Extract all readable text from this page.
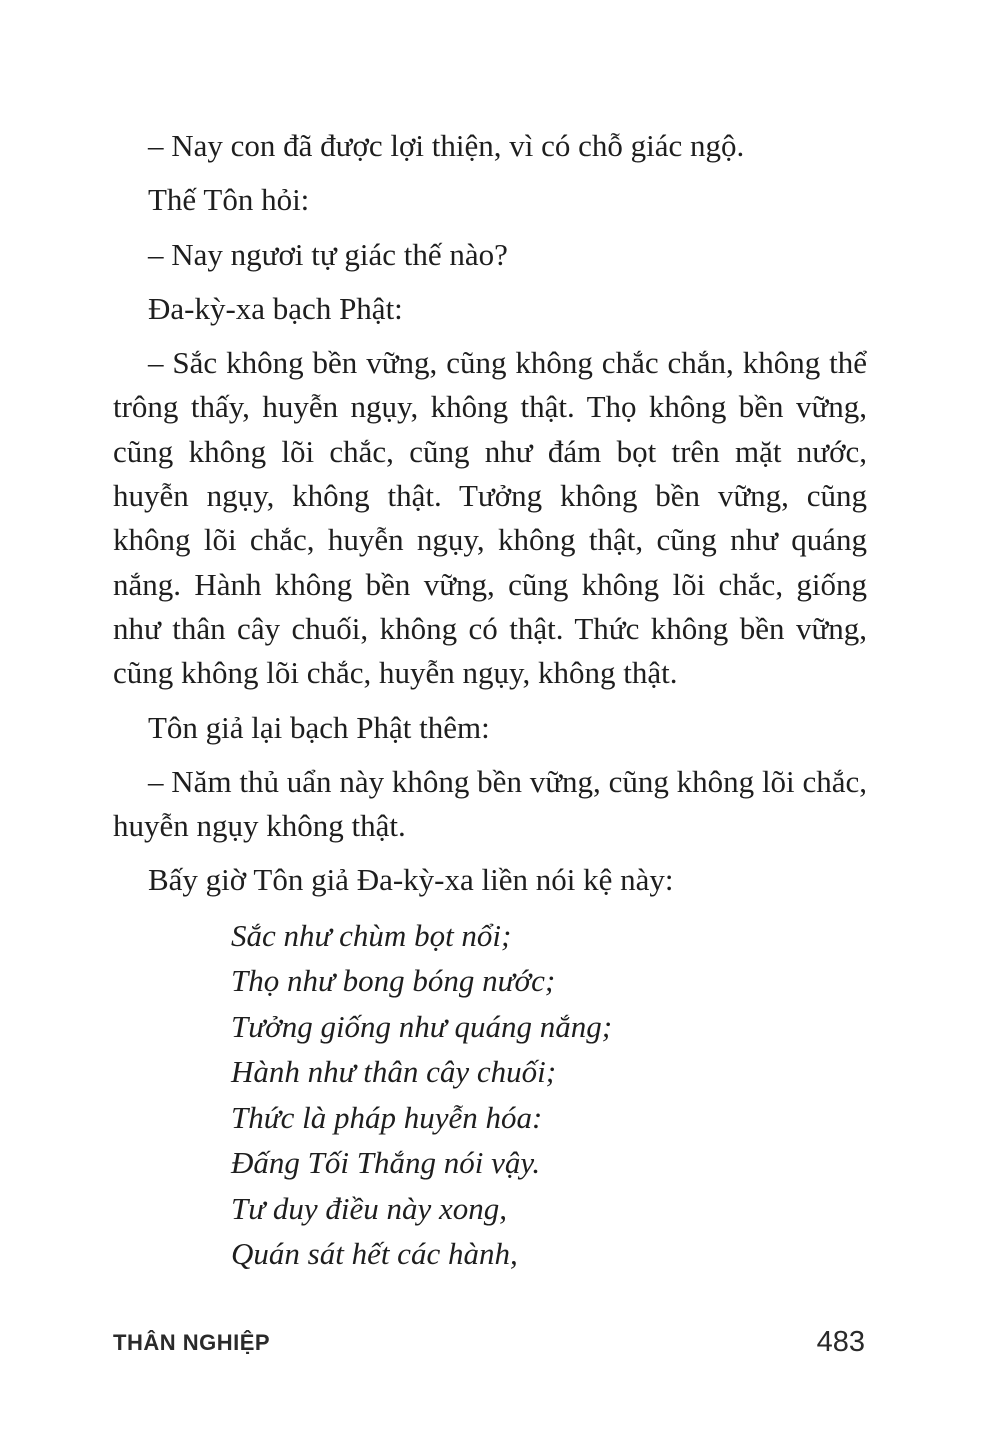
– Nay con đã được lợi thiện, vì có chỗ giác ngộ.

Thế Tôn hỏi:

– Nay ngươi tự giác thế nào?

Đa-kỳ-xa bạch Phật:

– Sắc không bền vững, cũng không chắc chắn, không thể trông thấy, huyễn ngụy, không thật. Thọ không bền vững, cũng không lõi chắc, cũng như đám bọt trên mặt nước, huyễn ngụy, không thật. Tưởng không bền vững, cũng không lõi chắc, huyễn ngụy, không thật, cũng như quáng nắng. Hành không bền vững, cũng không lõi chắc, giống như thân cây chuối, không có thật. Thức không bền vững, cũng không lõi chắc, huyễn ngụy, không thật.

Tôn giả lại bạch Phật thêm:

– Năm thủ uẩn này không bền vững, cũng không lõi chắc, huyễn ngụy không thật.

Bấy giờ Tôn giả Đa-kỳ-xa liền nói kệ này:

Sắc như chùm bọt nổi;
Thọ như bong bóng nước;
Tưởng giống như quáng nắng;
Hành như thân cây chuối;
Thức là pháp huyễn hóa:
Đấng Tối Thắng nói vậy.
Tư duy điều này xong,
Quán sát hết các hành,
THÂN NGHIỆP	483
